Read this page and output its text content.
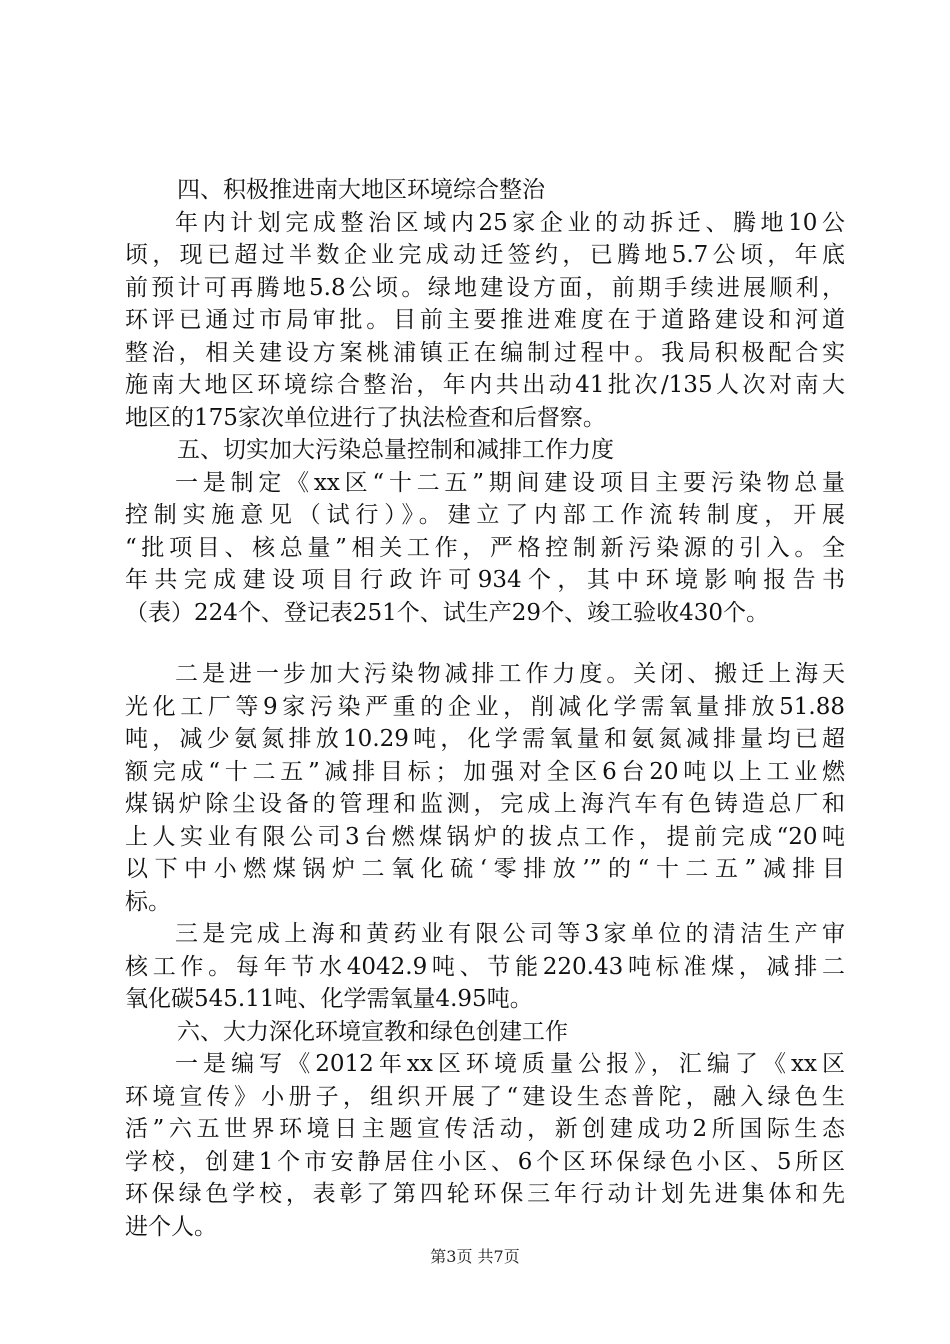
四、积极推进南大地区环境综合整治
年内计划完成整治区域内25家企业的动拆迁、腾地10公
顷，现已超过半数企业完成动迁签约，已腾地5.7公顷，年底
前预计可再腾地5.8公顷。绿地建设方面，前期手续进展顺利，
环评已通过市局审批。目前主要推进难度在于道路建设和河道
整治，相关建设方案桃浦镇正在编制过程中。我局积极配合实
施南大地区环境综合整治，年内共出动41批次/135人次对南大
地区的175家次单位进行了执法检查和后督察。
五、切实加大污染总量控制和减排工作力度
一是制定《xx区“十二五”期间建设项目主要污染物总量
控制实施意见（试行）》。建立了内部工作流转制度，开展
“批项目、核总量”相关工作，严格控制新污染源的引入。全
年共完成建设项目行政许可934个，其中环境影响报告书
（表）224个、登记表251个、试生产29个、竣工验收430个。
二是进一步加大污染物减排工作力度。关闭、搬迁上海天
光化工厂等9家污染严重的企业，削减化学需氧量排放51.88
吨，减少氨氮排放10.29吨，化学需氧量和氨氮减排量均已超
额完成“十二五”减排目标；加强对全区6台20吨以上工业燃
煤锅炉除尘设备的管理和监测，完成上海汽车有色铸造总厂和
上人实业有限公司3台燃煤锅炉的拔点工作，提前完成“20吨
以下中小燃煤锅炉二氧化硫‘零排放’”的“十二五”减排目
标。
三是完成上海和黄药业有限公司等3家单位的清洁生产审
核工作。每年节水4042.9吨、节能220.43吨标准煤，减排二
氧化碳545.11吨、化学需氧量4.95吨。
六、大力深化环境宣教和绿色创建工作
一是编写《2012年xx区环境质量公报》，汇编了《xx区
环境宣传》小册子，组织开展了“建设生态普陀，融入绿色生
活”六五世界环境日主题宣传活动，新创建成功2所国际生态
学校，创建1个市安静居住小区、6个区环保绿色小区、5所区
环保绿色学校，表彰了第四轮环保三年行动计划先进集体和先
进个人。
第3页 共7页
